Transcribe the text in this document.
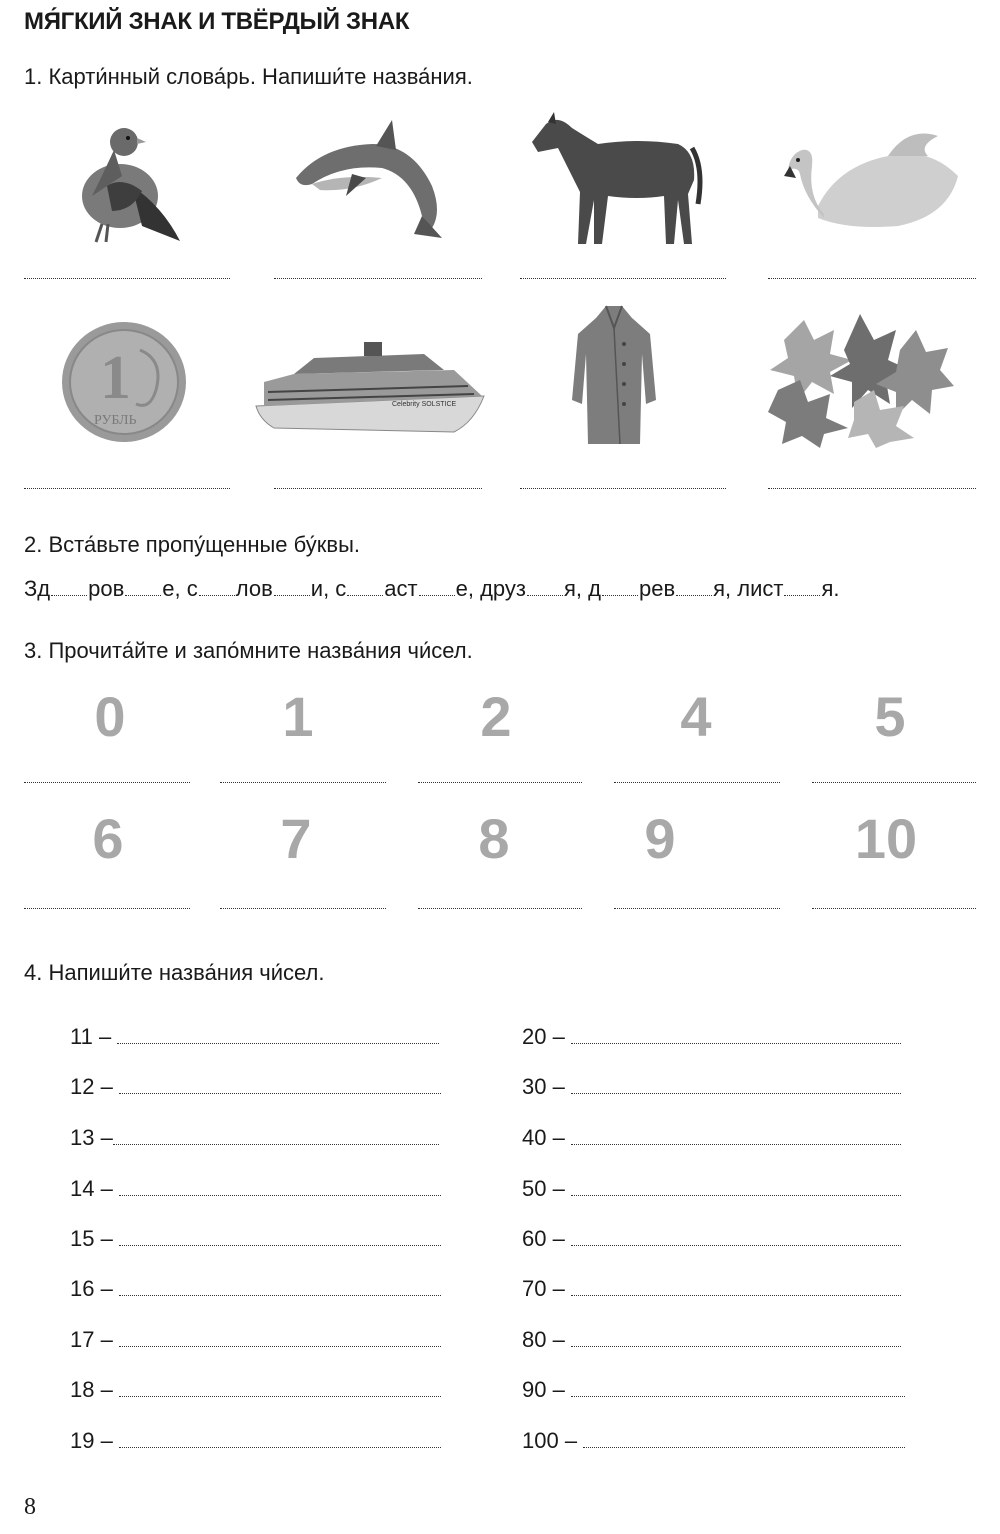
МЯ́ГКИЙ ЗНАК И ТВЁРДЫЙ ЗНАК
1. Карти́нный слова́рь. Напиши́те назва́ния.
1
РУБЛЬ
Celebrity SOLSTICE
2. Вста́вьте пропу́щенные бу́квы.
Зд ров е, с лов и, с аст е, друз я, д рев я, лист я.
3. Прочита́йте и запо́мните назва́ния чи́сел.
0	1	2	4	5
6	7	8	9	10
4. Напиши́те назва́ния чи́сел.
11 –
12 –
13 –
14 –
15 –
16 –
17 –
18 –
19 –
20 –
30 –
40 –
50 –
60 –
70 –
80 –
90 –
100 –
8
